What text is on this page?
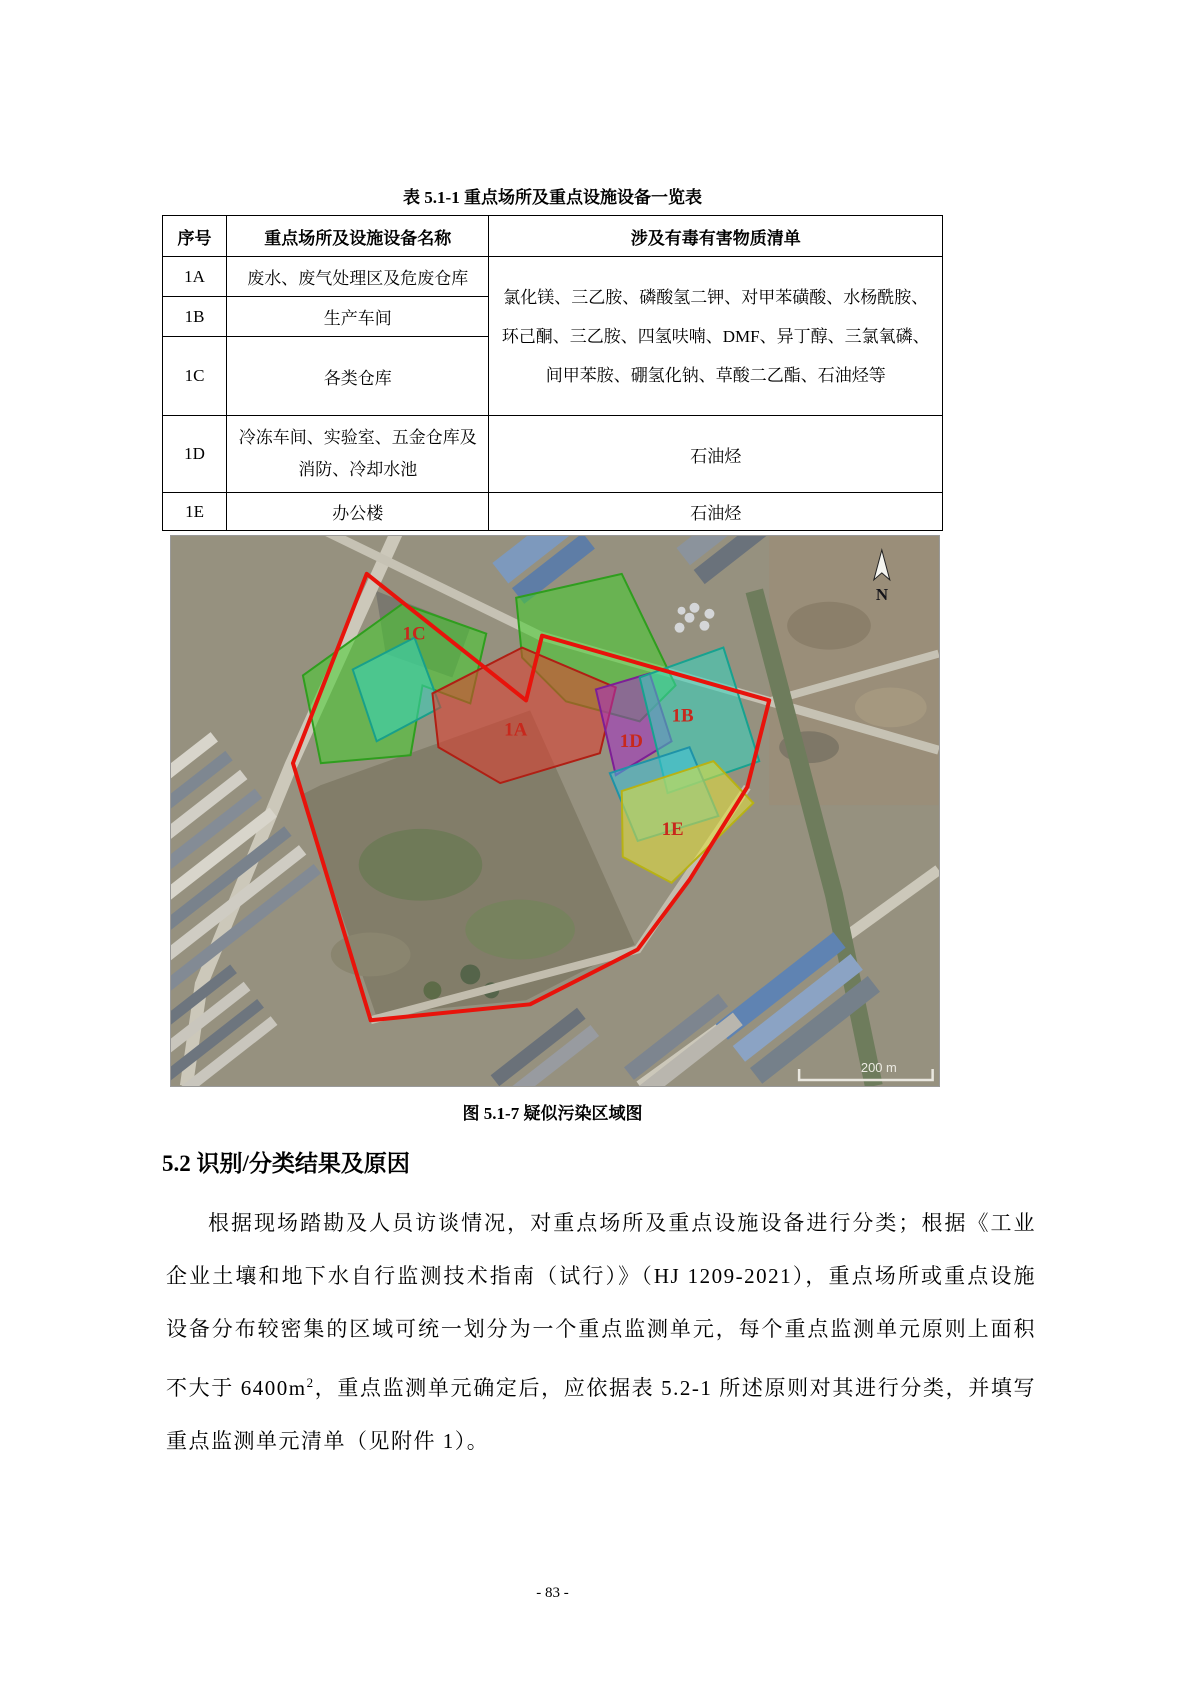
表 5.1-1 重点场所及重点设施设备一览表

序号	重点场所及设施设备名称	涉及有毒有害物质清单
1A	废水、废气处理区及危废仓库	氯化镁、三乙胺、磷酸氢二钾、对甲苯磺酸、水杨酰胺、环己酮、三乙胺、四氢呋喃、DMF、异丁醇、三氯氧磷、间甲苯胺、硼氢化钠、草酸二乙酯、石油烃等
1B	生产车间	
1C	各类仓库	
1D	冷冻车间、实验室、五金仓库及消防、冷却水池	石油烃
1E	办公楼	石油烃
1C
1A
1D
1B
1E
N
200 m

图 5.1-7 疑似污染区域图

5.2 识别/分类结果及原因

根据现场踏勘及人员访谈情况，对重点场所及重点设施设备进行分类；根据《工业企业土壤和地下水自行监测技术指南（试行）》（HJ 1209-2021），重点场所或重点设施设备分布较密集的区域可统一划分为一个重点监测单元，每个重点监测单元原则上面积不大于 $6400m^2$，重点监测单元确定后，应依据表 5.2-1 所述原则对其进行分类，并填写重点监测单元清单（见附件 1）。

- 83 -
